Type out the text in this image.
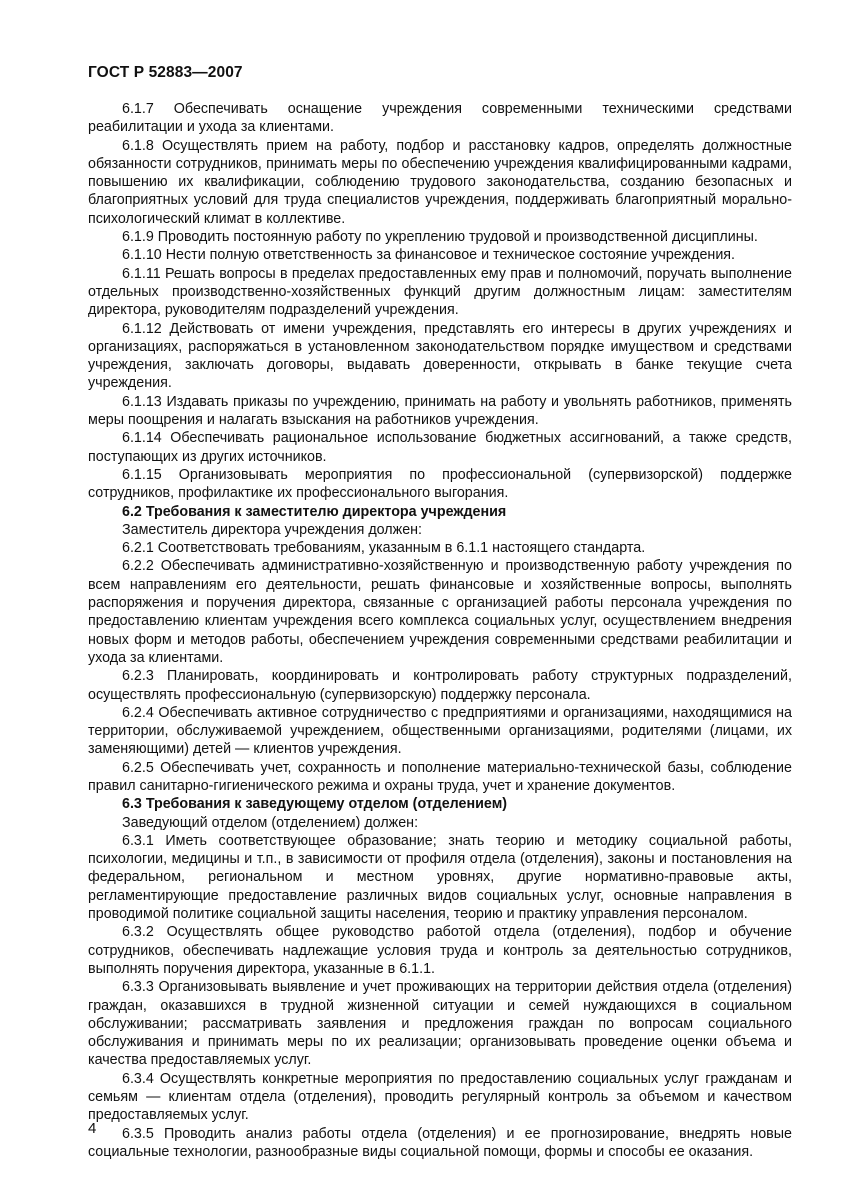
ГОСТ Р 52883—2007

6.1.7 Обеспечивать оснащение учреждения современными техническими средствами реабилитации и ухода за клиентами.

6.1.8 Осуществлять прием на работу, подбор и расстановку кадров, определять должностные обязанности сотрудников, принимать меры по обеспечению учреждения квалифицированными кадрами, повышению их квалификации, соблюдению трудового законодательства, созданию безопасных и благоприятных условий для труда специалистов учреждения, поддерживать благоприятный морально-психологический климат в коллективе.

6.1.9 Проводить постоянную работу по укреплению трудовой и производственной дисциплины.

6.1.10 Нести полную ответственность за финансовое и техническое состояние учреждения.

6.1.11 Решать вопросы в пределах предоставленных ему прав и полномочий, поручать выполнение отдельных производственно-хозяйственных функций другим должностным лицам: заместителям директора, руководителям подразделений учреждения.

6.1.12 Действовать от имени учреждения, представлять его интересы в других учреждениях и организациях, распоряжаться в установленном законодательством порядке имуществом и средствами учреждения, заключать договоры, выдавать доверенности, открывать в банке текущие счета учреждения.

6.1.13 Издавать приказы по учреждению, принимать на работу и увольнять работников, применять меры поощрения и налагать взыскания на работников учреждения.

6.1.14 Обеспечивать рациональное использование бюджетных ассигнований, а также средств, поступающих из других источников.

6.1.15 Организовывать мероприятия по профессиональной (супервизорской) поддержке сотрудников, профилактике их профессионального выгорания.

6.2 Требования к заместителю директора учреждения

Заместитель директора учреждения должен:

6.2.1 Соответствовать требованиям, указанным в 6.1.1 настоящего стандарта.

6.2.2 Обеспечивать административно-хозяйственную и производственную работу учреждения по всем направлениям его деятельности, решать финансовые и хозяйственные вопросы, выполнять распоряжения и поручения директора, связанные с организацией работы персонала учреждения по предоставлению клиентам учреждения всего комплекса социальных услуг, осуществлением внедрения новых форм и методов работы, обеспечением учреждения современными средствами реабилитации и ухода за клиентами.

6.2.3 Планировать, координировать и контролировать работу структурных подразделений, осуществлять профессиональную (супервизорскую) поддержку персонала.

6.2.4 Обеспечивать активное сотрудничество с предприятиями и организациями, находящимися на территории, обслуживаемой учреждением, общественными организациями, родителями (лицами, их заменяющими) детей — клиентов учреждения.

6.2.5 Обеспечивать учет, сохранность и пополнение материально-технической базы, соблюдение правил санитарно-гигиенического режима и охраны труда, учет и хранение документов.

6.3 Требования к заведующему отделом (отделением)

Заведующий отделом (отделением) должен:

6.3.1 Иметь соответствующее образование; знать теорию и методику социальной работы, психологии, медицины и т.п., в зависимости от профиля отдела (отделения), законы и постановления на федеральном, региональном и местном уровнях, другие нормативно-правовые акты, регламентирующие предоставление различных видов социальных услуг, основные направления в проводимой политике социальной защиты населения, теорию и практику управления персоналом.

6.3.2 Осуществлять общее руководство работой отдела (отделения), подбор и обучение сотрудников, обеспечивать надлежащие условия труда и контроль за деятельностью сотрудников, выполнять поручения директора, указанные в 6.1.1.

6.3.3 Организовывать выявление и учет проживающих на территории действия отдела (отделения) граждан, оказавшихся в трудной жизненной ситуации и семей нуждающихся в социальном обслуживании; рассматривать заявления и предложения граждан по вопросам социального обслуживания и принимать меры по их реализации; организовывать проведение оценки объема и качества предоставляемых услуг.

6.3.4 Осуществлять конкретные мероприятия по предоставлению социальных услуг гражданам и семьям — клиентам отдела (отделения), проводить регулярный контроль за объемом и качеством предоставляемых услуг.

6.3.5 Проводить анализ работы отдела (отделения) и ее прогнозирование, внедрять новые социальные технологии, разнообразные виды социальной помощи, формы и способы ее оказания.

4
